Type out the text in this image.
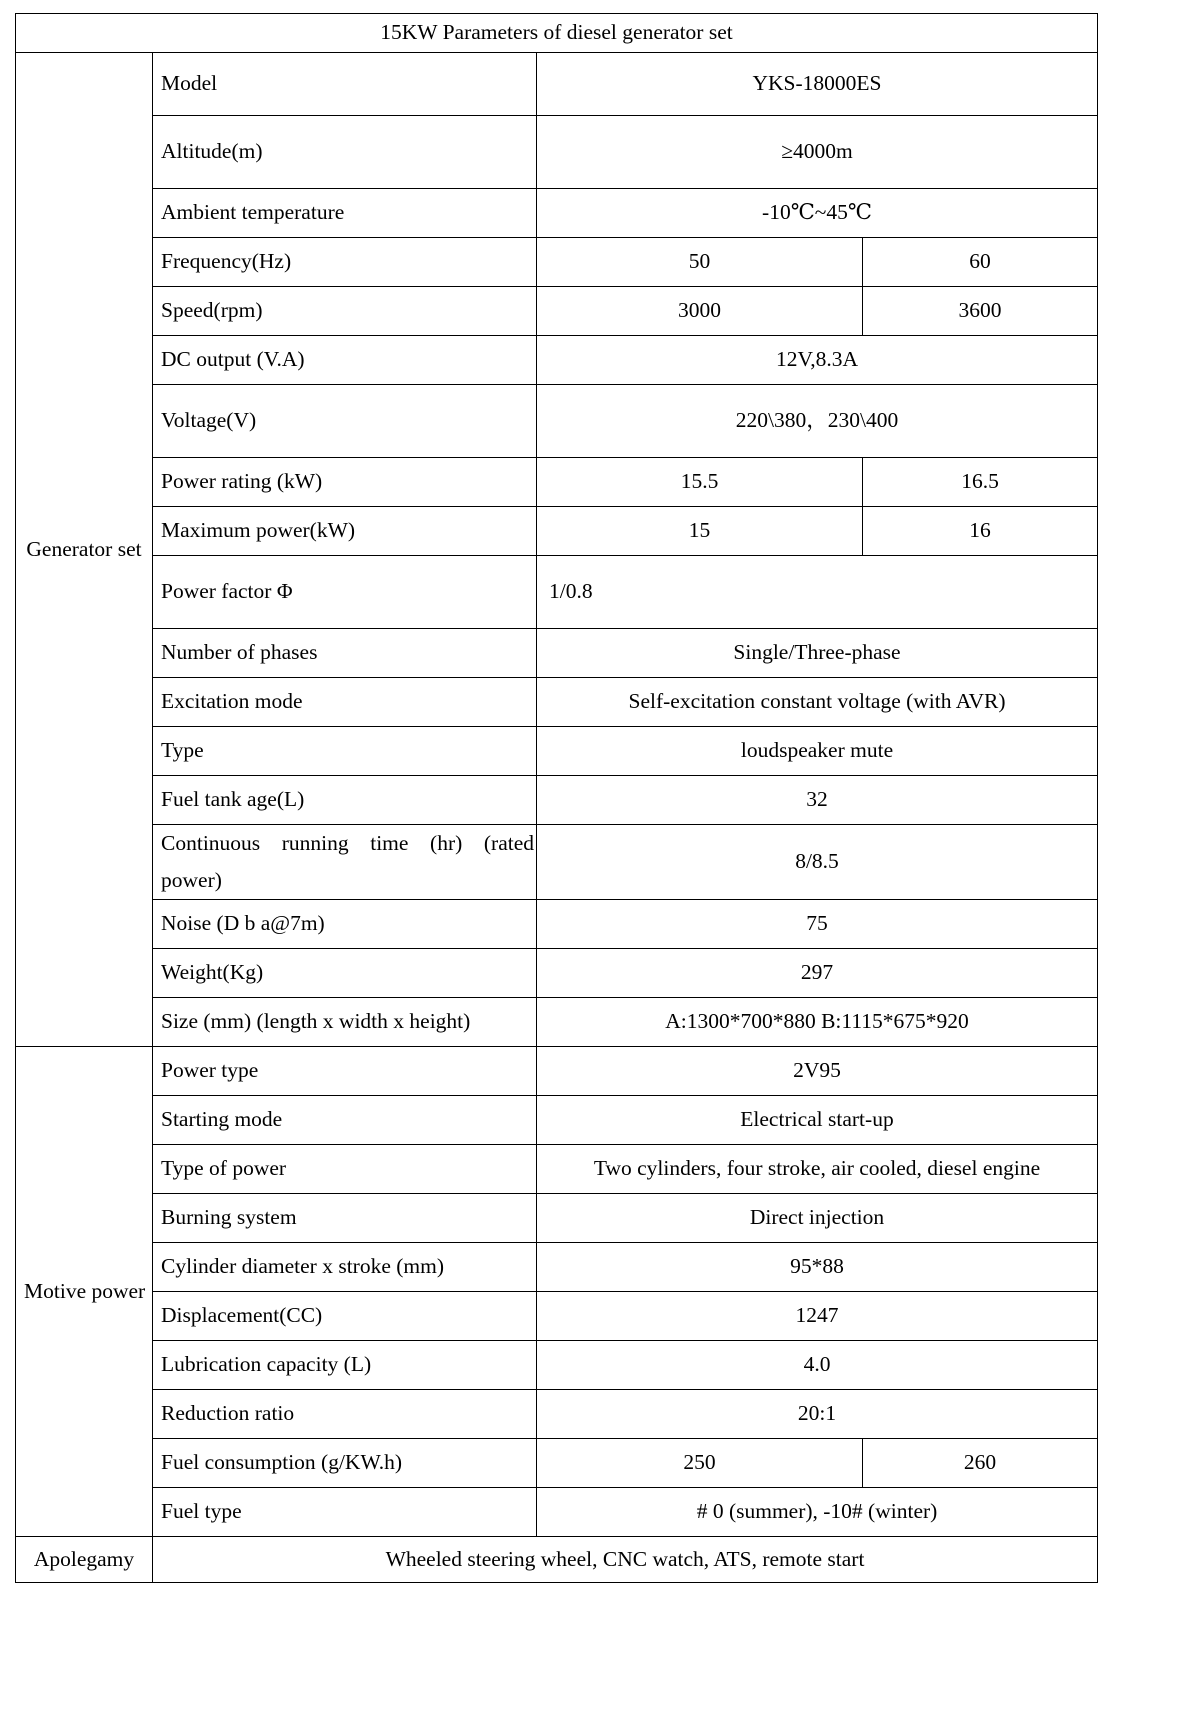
15KW Parameters of diesel generator set			
Generator set	Model	YKS-18000ES	
	Altitude(m)	≥4000m	
	Ambient temperature	-10℃~45℃	
	Frequency(Hz)	50	60
	Speed(rpm)	3000	3600
	DC output (V.A)	12V,8.3A	
	Voltage(V)	220\380，230\400	
	Power rating (kW)	15.5	16.5
	Maximum power(kW)	15	16
	Power factor Φ	1/0.8	
	Number of phases	Single/Three-phase	
	Excitation mode	Self-excitation constant voltage (with AVR)	
	Type	loudspeaker mute	
	Fuel tank age(L)	32	
	Continuous running time (hr) (rated power)	8/8.5	
	Noise (D b a@7m)	75	
	Weight(Kg)	297	
	Size (mm) (length x width x height)	A:1300*700*880 B:1115*675*920	
Motive power	Power type	2V95	
	Starting mode	Electrical start-up	
	Type of power	Two cylinders, four stroke, air cooled, diesel engine	
	Burning system	Direct injection	
	Cylinder diameter x stroke (mm)	95*88	
	Displacement(CC)	1247	
	Lubrication capacity (L)	4.0	
	Reduction ratio	20:1	
	Fuel consumption (g/KW.h)	250	260
	Fuel type	# 0 (summer), -10# (winter)	
Apolegamy	Wheeled steering wheel, CNC watch, ATS, remote start		
